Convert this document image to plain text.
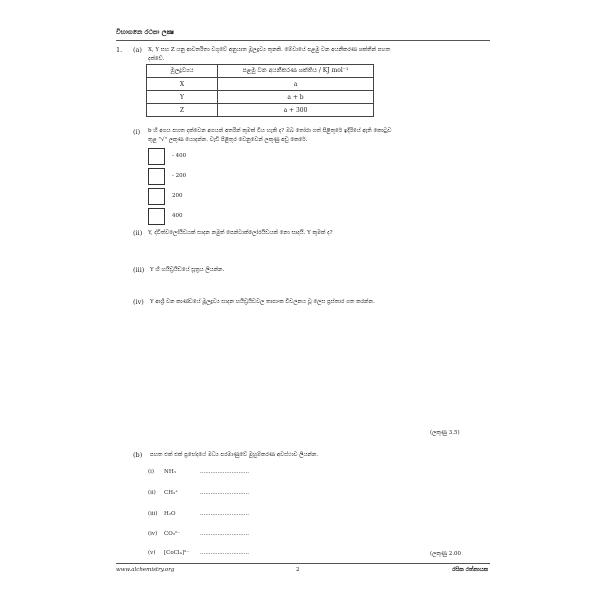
විහාගනෙ රථපා ලක්‍ෂ
1. (a) X, Y සහ Z යනු ආවර්තිතා වගුවේ අනුයාත මූලද්‍රව්‍ය තුනකි. මේවායේ පළමු වන අයනීකරණ ශක්තීන් පහත
දක්වේ.
මූලද්‍රව්‍යය	පළමු වන අයනීකරණ ශක්තිය / KJ mol⁻¹
X	a
Y	a + b
Z	a + 300
(i) b හි අගය පහත දක්වෙන අගයන් අතරින් කුමක් විය හැකි ද? ඔබ තෝරා ගත් පිළිතුරේ ඉදිරියේ ඇති කොටුව
තුළ "√" ලකුණ යොදන්න. වැඩි පිළිතුර වෙනුවෙන් ලකුණු අඩු කෙරේ.
- 400
- 200
200
400
(ii) Y, ද්විත්වලෝයිඩයක් සාදන නමුත් පෙන්ටාක්ලෝරයිඩයක් නො සාදයි. Y කුමක් ද?
(iii) Y හි හයිඩ්‍රයිඩයේ සූත්‍රය ලියන්න.
(iv) Y ආශ්‍රි වන කාණ්ඩයේ මූලද්‍රව්‍ය සාදන හයිඩ්‍රයිඩවල තාපාංක විචලනය වූ ලෙස ප්‍රස්තාර ගත කරන්න.
(ලකුණු 3.5)
(b) පහත එක් එක් ප්‍රභේදයේ මධ්‍ය පරමාණුවේ මුහුම්කරණ අවස්ථාව ලියන්න.
(i) NH₃	............................
(ii) CH₃⁺	............................
(iii) H₂O	............................
(iv) CO₃²⁻	............................
(v) [CoCl₄]²⁻ ............................	(ලකුණු 2.00
www.alchemistry.org	2	රසික රත්නායක
